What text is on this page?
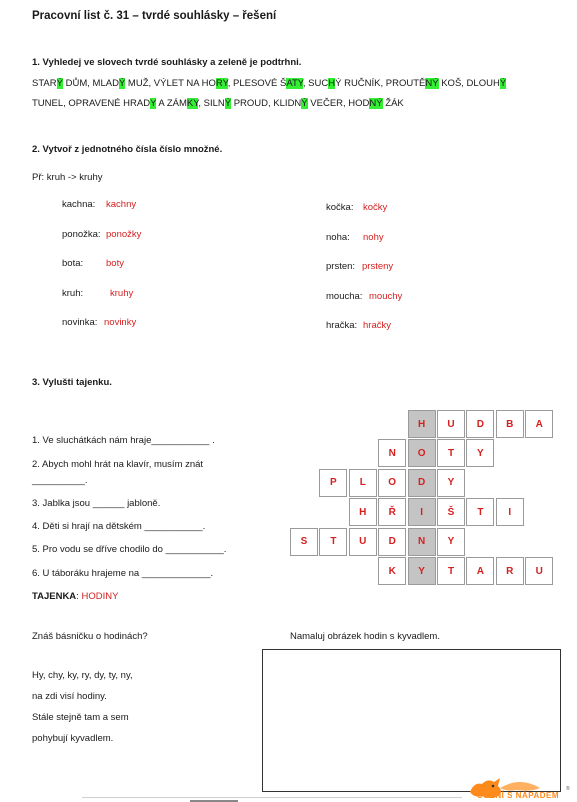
Pracovní list č. 31 – tvrdé souhlásky – řešení
1. Vyhledej ve slovech tvrdé souhlásky a zeleně je podtrhni.
STARÝ DŮM, MLADÝ MUŽ, VÝLET NA HORY, PLESOVÉ ŠATY, SUCHÝ RUČNÍK, PROUTĚNÝ KOŠ, DLOUHÝ
TUNEL, OPRAVENÉ HRADY A ZÁMKY, SILNÝ PROUD, KLIDNÝ VEČER, HODNÝ ŽÁK
2. Vytvoř z jednotného čísla číslo množné.
Př: kruh -> kruhy
kachna: kachny
ponožka: ponožky
bota: boty
kruh:	kruhy
novinka: novinky
kočka: kočky
noha: nohy
prsten: prsteny
moucha: mouchy
hračka: hračky
3. Vylušti tajenku.
1. Ve sluchátkách nám hraje___________ .
2. Abych mohl hrát na klavír, musím znát
__________.
3. Jablka jsou ______ jabloně.
4. Děti si hrají na dětském ___________.
5. Pro vodu se dříve chodilo do ___________.
6. U táboráku hrajeme na _____________.
TAJENKA: HODINY
H	U	D	B	A
N	O	T	Y
P	L	O	D	Y
H	Ř	I	Š	T	I
S	T	U	D	N	Y
K	Y	T	A	R	U
Znáš básničku o hodinách?
Hy, chy, ky, ry, dy, ty, ny,
na zdi visí hodiny.
Stále stejně tam a sem
pohybují kyvadlem.
Namaluj obrázek hodin s kyvadlem.
UČENÍ S NÁPADEM
®
